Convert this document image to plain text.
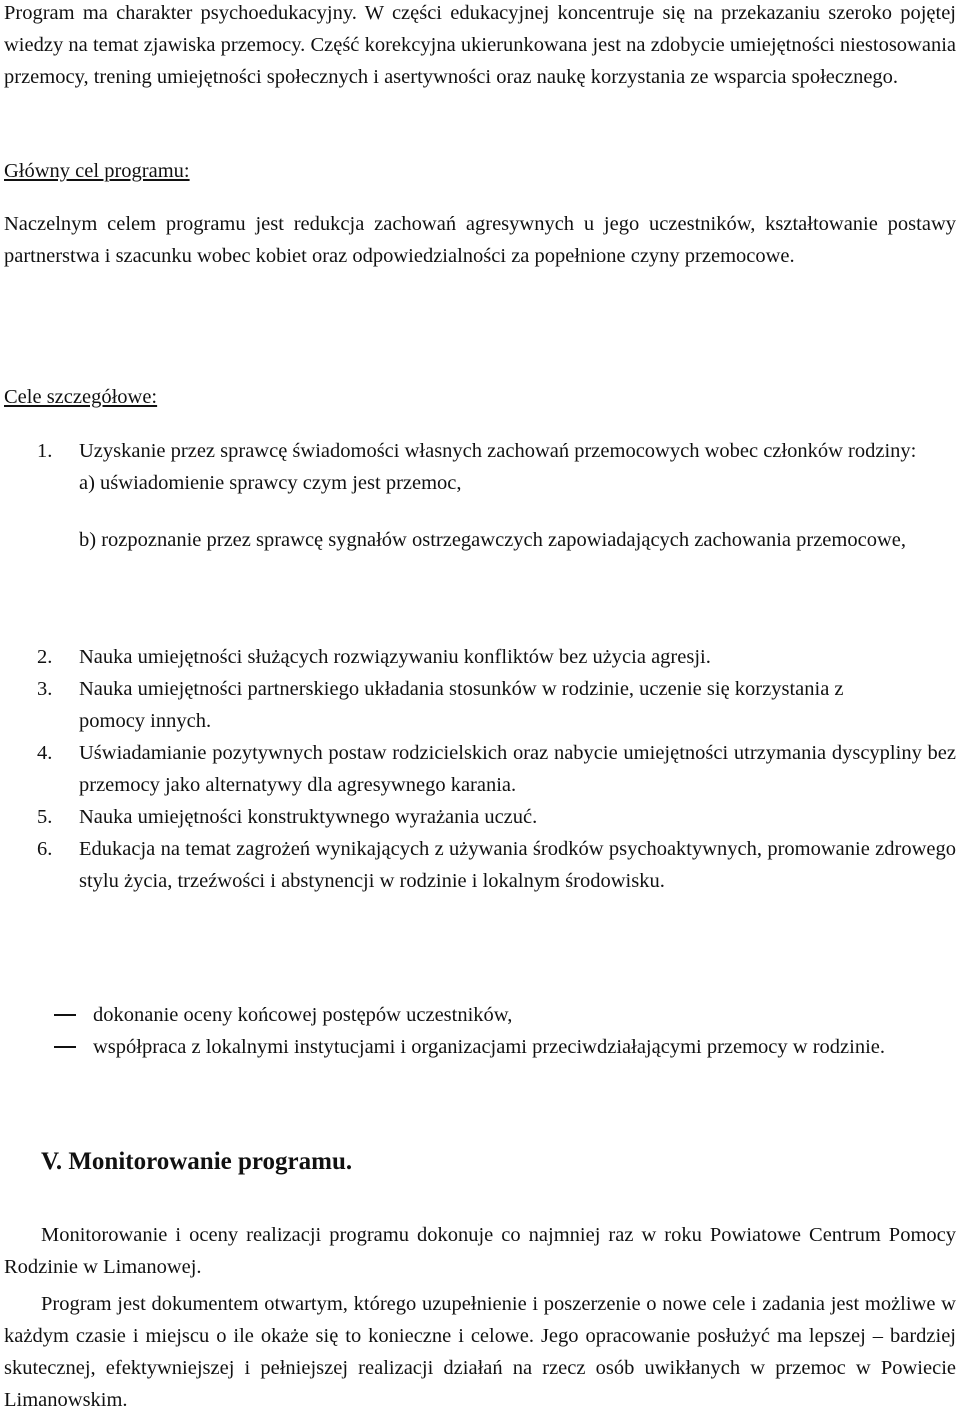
Program ma charakter psychoedukacyjny. W części edukacyjnej koncentruje się na przekazaniu szeroko pojętej wiedzy na temat zjawiska przemocy. Część korekcyjna ukierunkowana jest na zdobycie umiejętności niestosowania przemocy, trening umiejętności społecznych i asertywności oraz naukę korzystania ze wsparcia społecznego.

Główny cel programu:

Naczelnym celem programu jest redukcja zachowań agresywnych u jego uczestników, kształtowanie postawy partnerstwa i szacunku wobec kobiet oraz odpowiedzialności za popełnione czyny przemocowe.

Cele szczegółowe:

1. Uzyskanie przez sprawcę świadomości własnych zachowań przemocowych wobec członków rodziny:
a) uświadomienie sprawcy czym jest przemoc,
b) rozpoznanie przez sprawcę sygnałów ostrzegawczych zapowiadających zachowania przemocowe,
2. Nauka umiejętności służących rozwiązywaniu konfliktów bez użycia agresji.
3. Nauka umiejętności partnerskiego układania stosunków w rodzinie, uczenie się korzystania z pomocy innych.
4. Uświadamianie pozytywnych postaw rodzicielskich oraz nabycie umiejętności utrzymania dyscypliny bez przemocy jako alternatywy dla agresywnego karania.
5. Nauka umiejętności konstruktywnego wyrażania uczuć.
6. Edukacja na temat zagrożeń wynikających z używania środków psychoaktywnych, promowanie zdrowego stylu życia, trzeźwości i abstynencji w rodzinie i lokalnym środowisku.

dokonanie oceny końcowej postępów uczestników,

współpraca z lokalnymi instytucjami i organizacjami przeciwdziałającymi przemocy w rodzinie.

V. Monitorowanie programu.

Monitorowanie i oceny realizacji programu dokonuje co najmniej raz w roku Powiatowe Centrum Pomocy Rodzinie w Limanowej.

Program jest dokumentem otwartym, którego uzupełnienie i poszerzenie o nowe cele i zadania jest możliwe w każdym czasie i miejscu o ile okaże się to konieczne i celowe. Jego opracowanie posłużyć ma lepszej – bardziej skutecznej, efektywniejszej i pełniejszej realizacji działań na rzecz osób uwikłanych w przemoc w Powiecie Limanowskim.
